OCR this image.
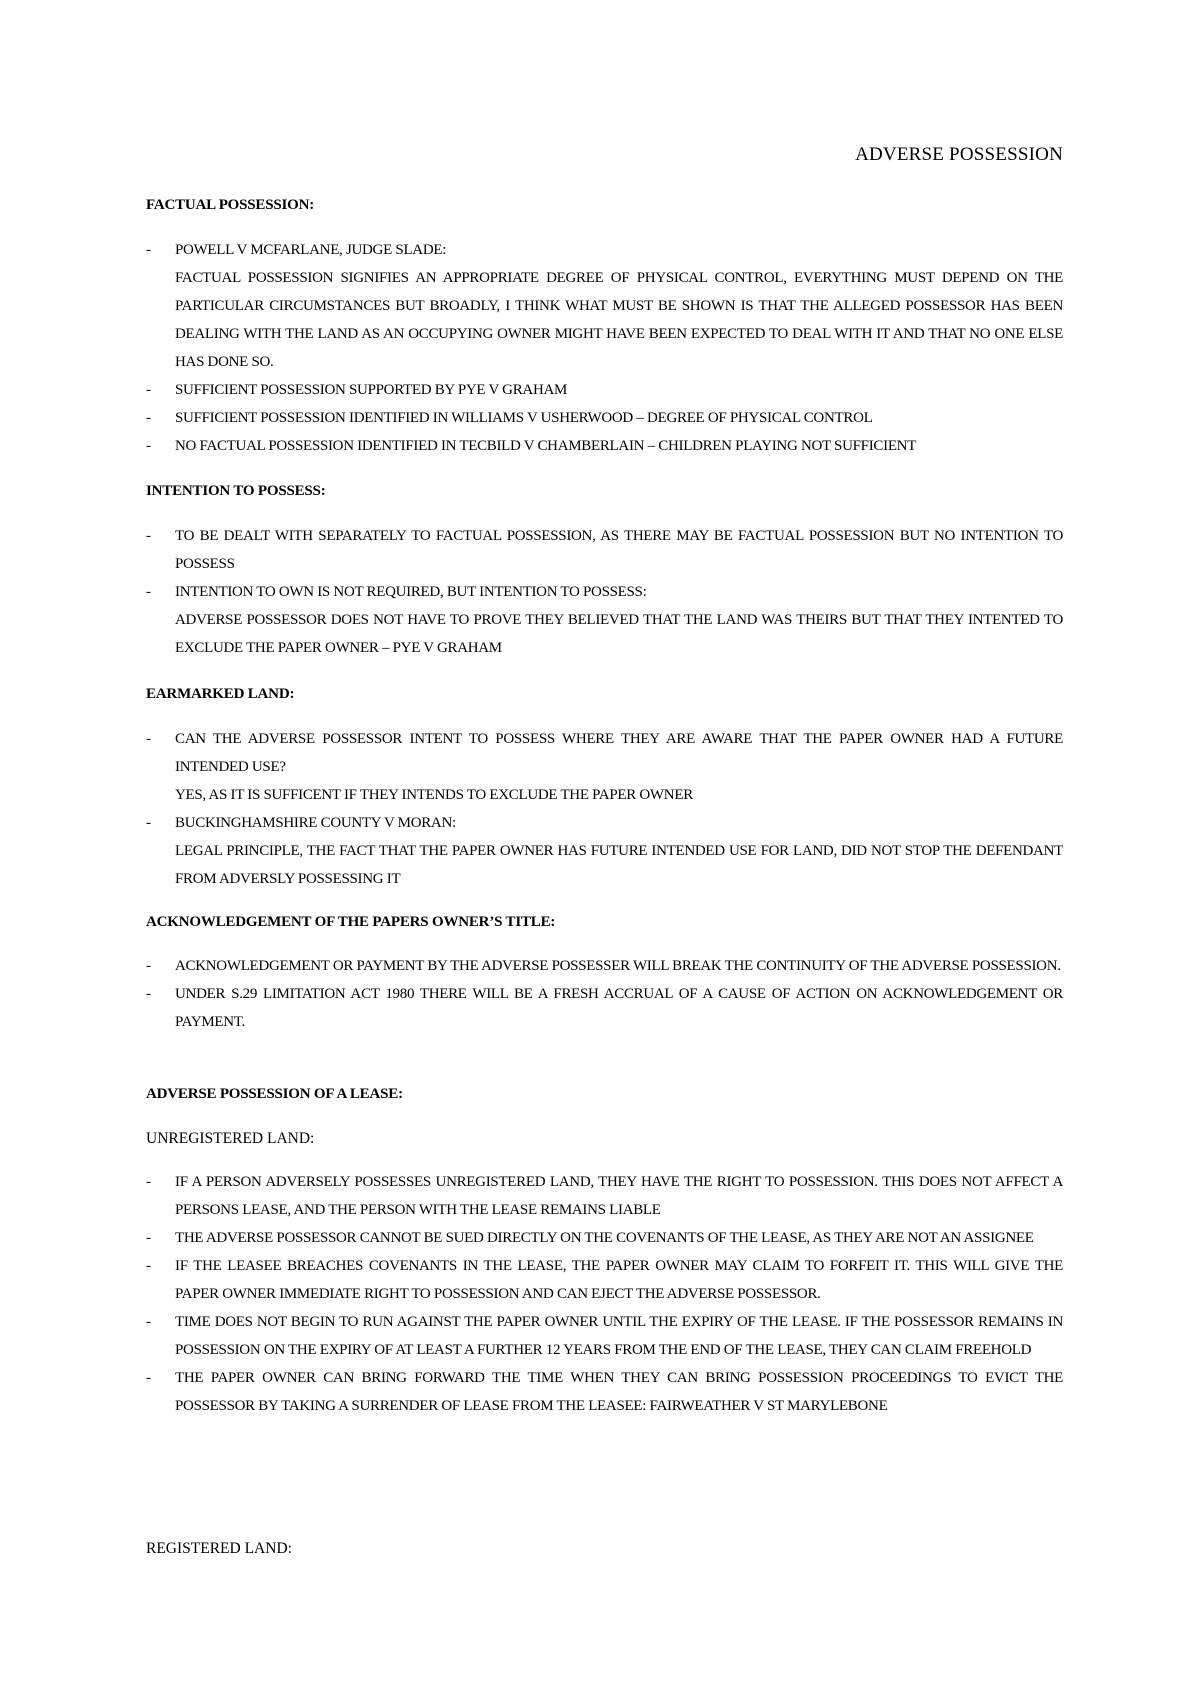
ADVERSE POSSESSION
FACTUAL POSSESSION:
- POWELL V MCFARLANE, JUDGE SLADE:
FACTUAL POSSESSION SIGNIFIES AN APPROPRIATE DEGREE OF PHYSICAL CONTROL, EVERYTHING MUST DEPEND ON THE PARTICULAR CIRCUMSTANCES BUT BROADLY, I THINK WHAT MUST BE SHOWN IS THAT THE ALLEGED POSSESSOR HAS BEEN DEALING WITH THE LAND AS AN OCCUPYING OWNER MIGHT HAVE BEEN EXPECTED TO DEAL WITH IT AND THAT NO ONE ELSE HAS DONE SO.
- SUFFICIENT POSSESSION SUPPORTED BY PYE V GRAHAM
- SUFFICIENT POSSESSION IDENTIFIED IN WILLIAMS V USHERWOOD – DEGREE OF PHYSICAL CONTROL
- NO FACTUAL POSSESSION IDENTIFIED IN TECBILD V CHAMBERLAIN – CHILDREN PLAYING NOT SUFFICIENT
INTENTION TO POSSESS:
- TO BE DEALT WITH SEPARATELY TO FACTUAL POSSESSION, AS THERE MAY BE FACTUAL POSSESSION BUT NO INTENTION TO POSSESS
- INTENTION TO OWN IS NOT REQUIRED, BUT INTENTION TO POSSESS:
ADVERSE POSSESSOR DOES NOT HAVE TO PROVE THEY BELIEVED THAT THE LAND WAS THEIRS BUT THAT THEY INTENTED TO EXCLUDE THE PAPER OWNER – PYE V GRAHAM
EARMARKED LAND:
- CAN THE ADVERSE POSSESSOR INTENT TO POSSESS WHERE THEY ARE AWARE THAT THE PAPER OWNER HAD A FUTURE INTENDED USE?
YES, AS IT IS SUFFICENT IF THEY INTENDS TO EXCLUDE THE PAPER OWNER
- BUCKINGHAMSHIRE COUNTY V MORAN:
LEGAL PRINCIPLE, THE FACT THAT THE PAPER OWNER HAS FUTURE INTENDED USE FOR LAND, DID NOT STOP THE DEFENDANT FROM ADVERSLY POSSESSING IT
ACKNOWLEDGEMENT OF THE PAPERS OWNER’S TITLE:
- ACKNOWLEDGEMENT OR PAYMENT BY THE ADVERSE POSSESSER WILL BREAK THE CONTINUITY OF THE ADVERSE POSSESSION.
- UNDER S.29 LIMITATION ACT 1980 THERE WILL BE A FRESH ACCRUAL OF A CAUSE OF ACTION ON ACKNOWLEDGEMENT OR PAYMENT.
ADVERSE POSSESSION OF A LEASE:

UNREGISTERED LAND:

- IF A PERSON ADVERSELY POSSESSES UNREGISTERED LAND, THEY HAVE THE RIGHT TO POSSESSION. THIS DOES NOT AFFECT A PERSONS LEASE, AND THE PERSON WITH THE LEASE REMAINS LIABLE
- THE ADVERSE POSSESSOR CANNOT BE SUED DIRECTLY ON THE COVENANTS OF THE LEASE, AS THEY ARE NOT AN ASSIGNEE
- IF THE LEASEE BREACHES COVENANTS IN THE LEASE, THE PAPER OWNER MAY CLAIM TO FORFEIT IT. THIS WILL GIVE THE PAPER OWNER IMMEDIATE RIGHT TO POSSESSION AND CAN EJECT THE ADVERSE POSSESSOR.
- TIME DOES NOT BEGIN TO RUN AGAINST THE PAPER OWNER UNTIL THE EXPIRY OF THE LEASE. IF THE POSSESSOR REMAINS IN POSSESSION ON THE EXPIRY OF AT LEAST A FURTHER 12 YEARS FROM THE END OF THE LEASE, THEY CAN CLAIM FREEHOLD
- THE PAPER OWNER CAN BRING FORWARD THE TIME WHEN THEY CAN BRING POSSESSION PROCEEDINGS TO EVICT THE POSSESSOR BY TAKING A SURRENDER OF LEASE FROM THE LEASEE: FAIRWEATHER V ST MARYLEBONE

REGISTERED LAND:
